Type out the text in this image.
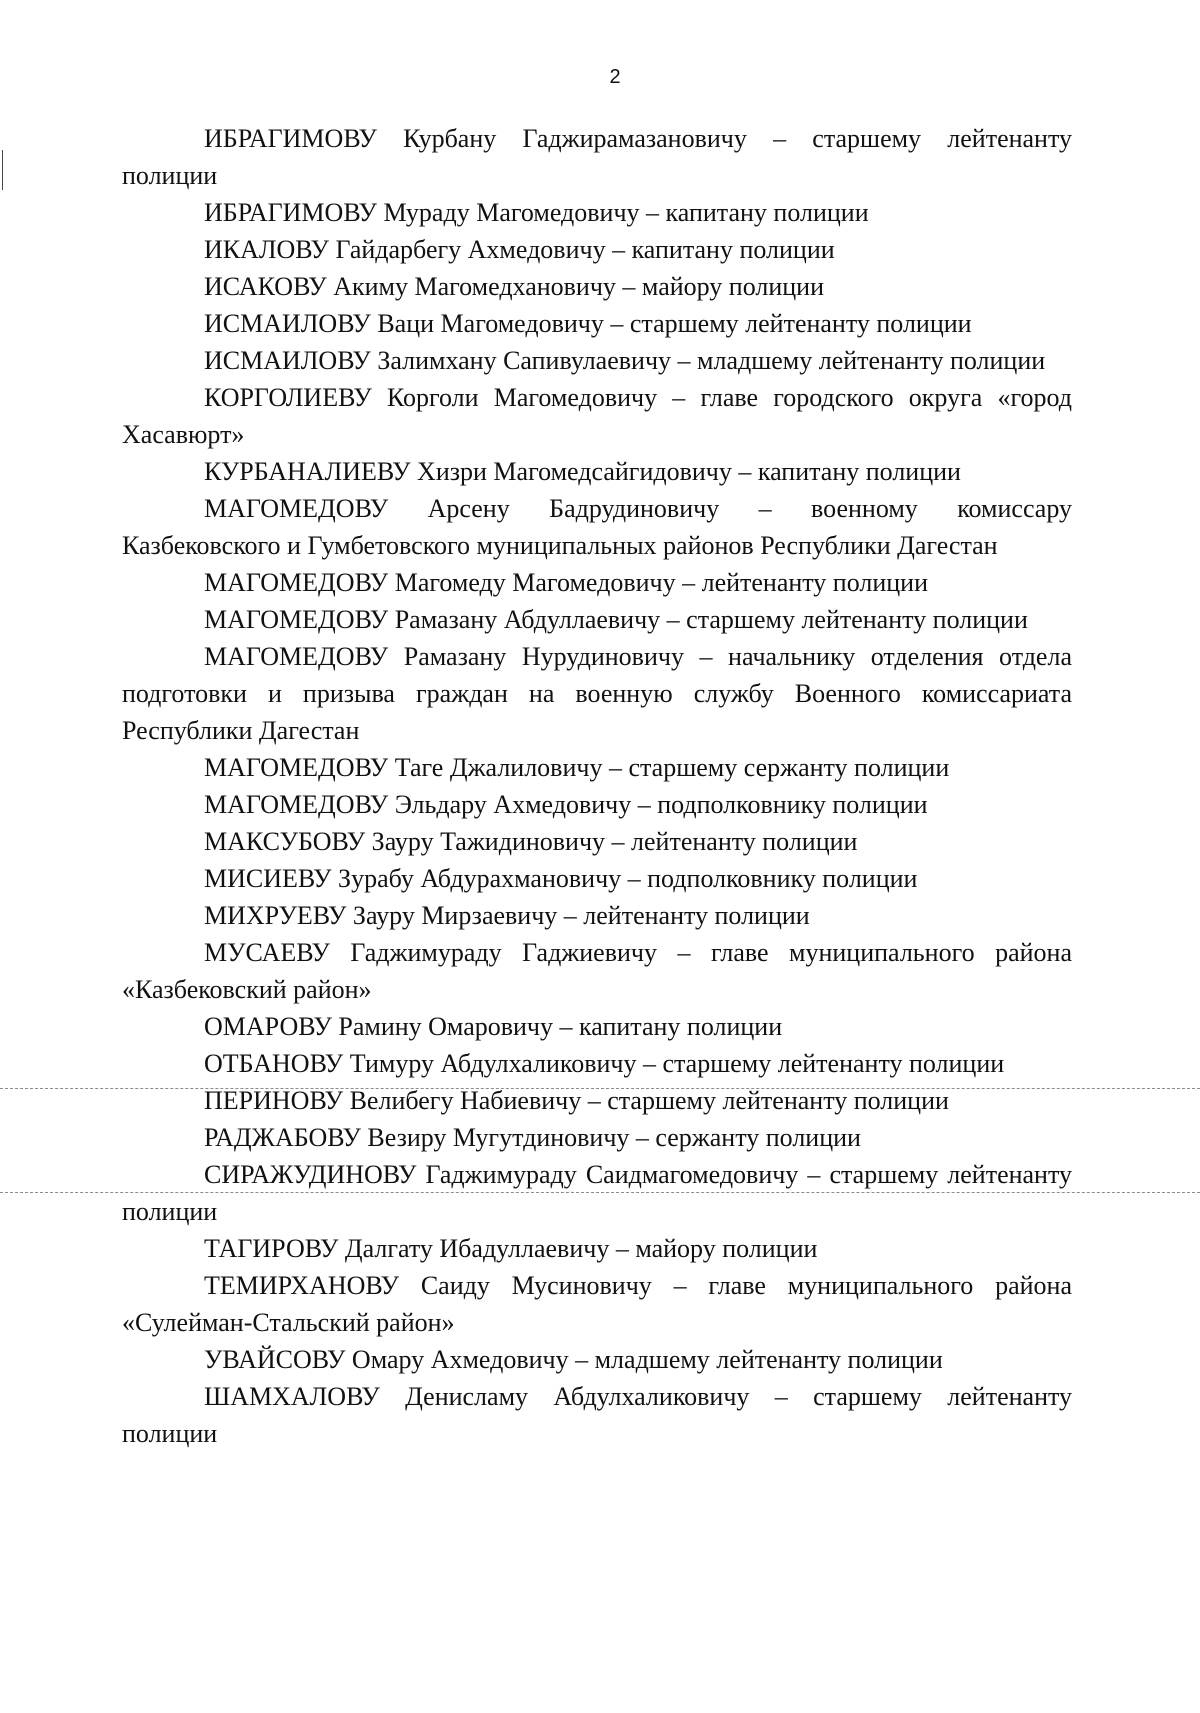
2

ИБРАГИМОВУ Курбану Гаджирамазановичу – старшему лейтенанту полиции

ИБРАГИМОВУ Мураду Магомедовичу – капитану полиции

ИКАЛОВУ Гайдарбегу Ахмедовичу – капитану полиции

ИСАКОВУ Акиму Магомедхановичу – майору полиции

ИСМАИЛОВУ Ваци Магомедовичу – старшему лейтенанту полиции

ИСМАИЛОВУ Залимхану Сапивулаевичу – младшему лейтенанту полиции

КОРГОЛИЕВУ Корголи Магомедовичу – главе городского округа «город Хасавюрт»

КУРБАНАЛИЕВУ Хизри Магомедсайгидовичу – капитану полиции

МАГОМЕДОВУ Арсену Бадрудиновичу – военному комиссару Казбековского и Гумбетовского муниципальных районов Республики Дагестан

МАГОМЕДОВУ Магомеду Магомедовичу – лейтенанту полиции

МАГОМЕДОВУ Рамазану Абдуллаевичу – старшему лейтенанту полиции

МАГОМЕДОВУ Рамазану Нурудиновичу – начальнику отделения отдела подготовки и призыва граждан на военную службу Военного комиссариата Республики Дагестан

МАГОМЕДОВУ Таге Джалиловичу – старшему сержанту полиции

МАГОМЕДОВУ Эльдару Ахмедовичу – подполковнику полиции

МАКСУБОВУ Зауру Тажидиновичу – лейтенанту полиции

МИСИЕВУ Зурабу Абдурахмановичу – подполковнику полиции

МИХРУЕВУ Зауру Мирзаевичу – лейтенанту полиции

МУСАЕВУ Гаджимураду Гаджиевичу – главе муниципального района «Казбековский район»

ОМАРОВУ Рамину Омаровичу – капитану полиции

ОТБАНОВУ Тимуру Абдулхаликовичу – старшему лейтенанту полиции

ПЕРИНОВУ Велибегу Набиевичу – старшему лейтенанту полиции

РАДЖАБОВУ Везиру Мугутдиновичу – сержанту полиции

СИРАЖУДИНОВУ Гаджимураду Саидмагомедовичу – старшему лейтенанту полиции

ТАГИРОВУ Далгату Ибадуллаевичу – майору полиции

ТЕМИРХАНОВУ Саиду Мусиновичу – главе муниципального района «Сулейман-Стальский район»

УВАЙСОВУ Омару Ахмедовичу – младшему лейтенанту полиции

ШАМХАЛОВУ Денисламу Абдулхаликовичу – старшему лейтенанту полиции
